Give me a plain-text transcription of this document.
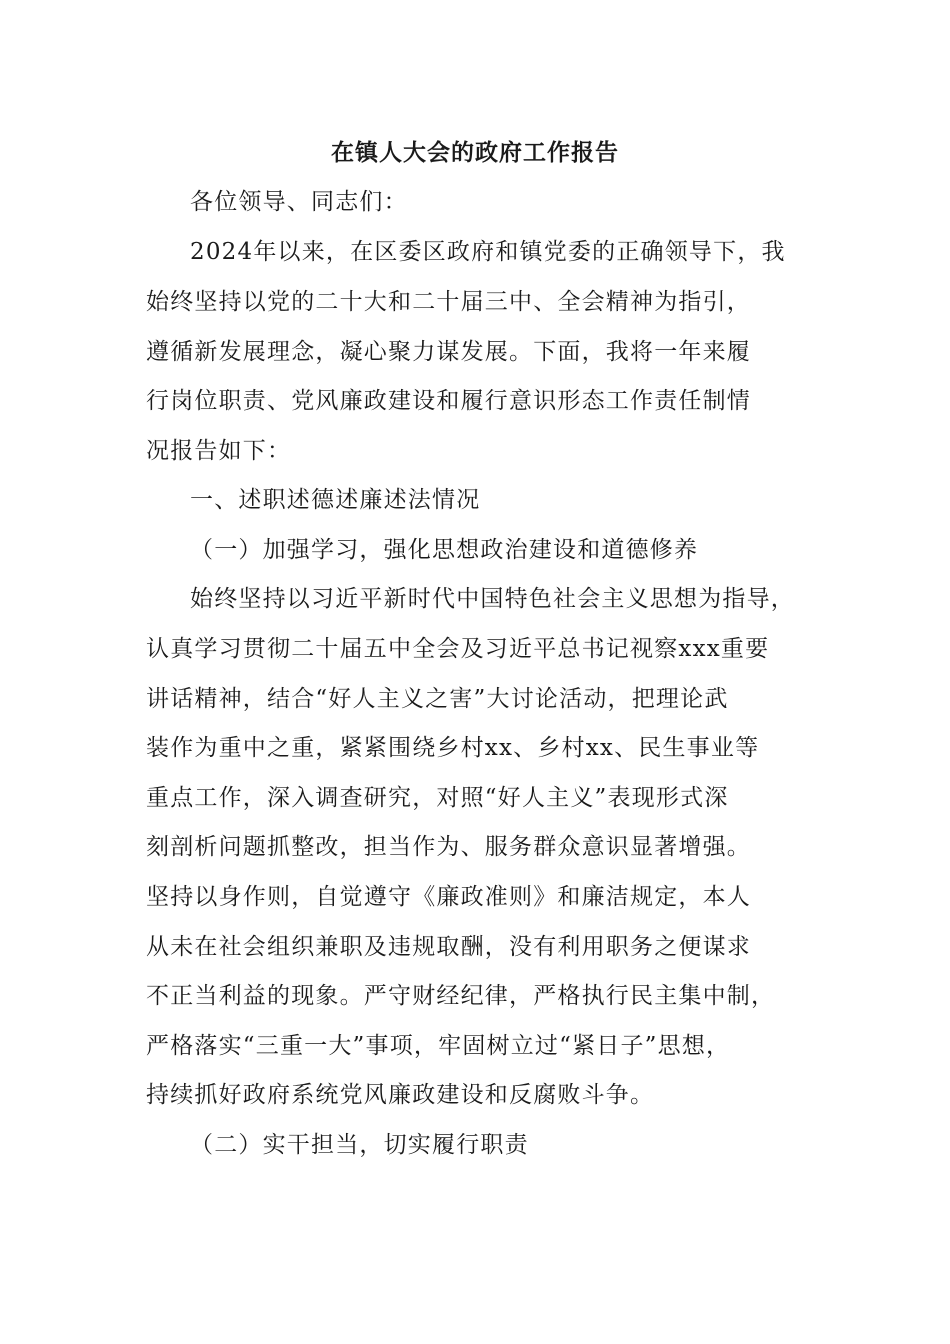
在镇人大会的政府工作报告
各位领导、同志们：
2024年以来，在区委区政府和镇党委的正确领导下，我
始终坚持以党的二十大和二十届三中、全会精神为指引，
遵循新发展理念，凝心聚力谋发展。下面，我将一年来履
行岗位职责、党风廉政建设和履行意识形态工作责任制情
况报告如下：
一、述职述德述廉述法情况
（一）加强学习，强化思想政治建设和道德修养
始终坚持以习近平新时代中国特色社会主义思想为指导，
认真学习贯彻二十届五中全会及习近平总书记视察xxx重要
讲话精神，结合“好人主义之害”大讨论活动，把理论武
装作为重中之重，紧紧围绕乡村xx、乡村xx、民生事业等
重点工作，深入调查研究，对照“好人主义”表现形式深
刻剖析问题抓整改，担当作为、服务群众意识显著增强。
坚持以身作则，自觉遵守《廉政准则》和廉洁规定，本人
从未在社会组织兼职及违规取酬，没有利用职务之便谋求
不正当利益的现象。严守财经纪律，严格执行民主集中制，
严格落实“三重一大”事项，牢固树立过“紧日子”思想，
持续抓好政府系统党风廉政建设和反腐败斗争。
（二）实干担当，切实履行职责
